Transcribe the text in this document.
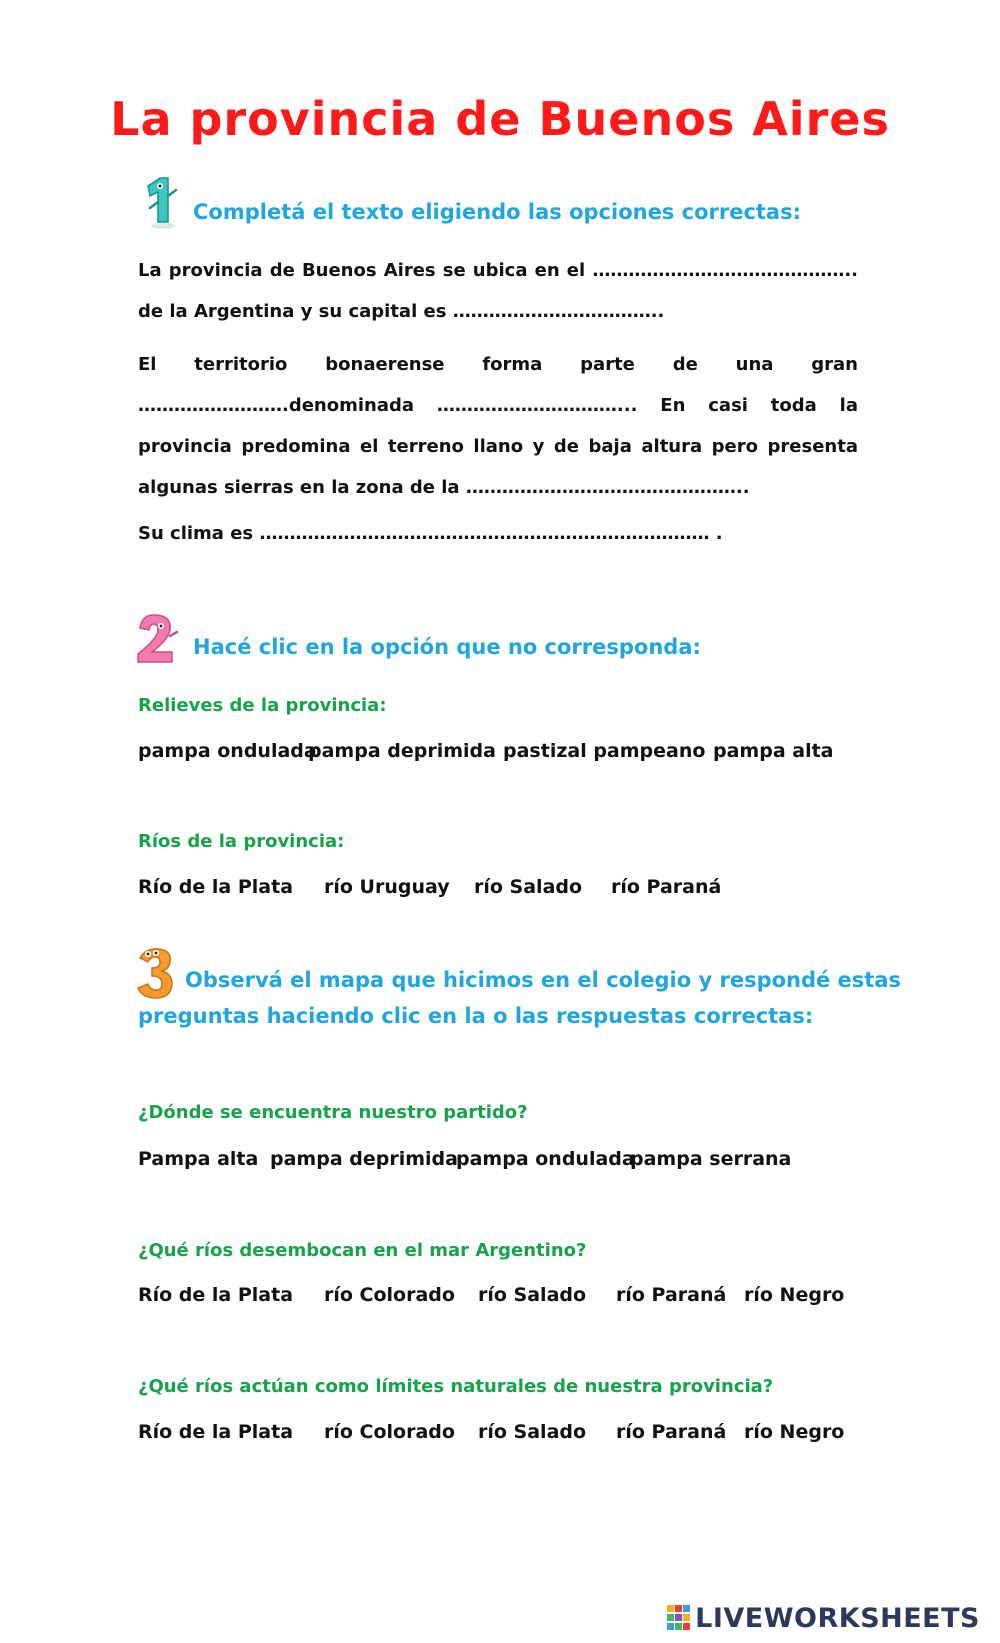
La provincia de Buenos Aires
Completá el texto eligiendo las opciones correctas:
La provincia de Buenos Aires se ubica en el …………………………………….. de la Argentina y su capital es ……………………………..
El territorio bonaerense forma parte de una gran …………………….denominada …………………………... En casi toda la provincia predomina el terreno llano y de baja altura pero presenta algunas sierras en la zona de la ………………………………………..
Su clima es ………………………………………………………………… .
Hacé clic en la opción que no corresponda:
Relieves de la provincia:
pampa ondulada
pampa deprimida pastizal pampeano pampa alta
Ríos de la provincia:
Río de la Plata río Uruguay río Salado río Paraná
Observá el mapa que hicimos en el colegio y respondé estas
preguntas haciendo clic en la o las respuestas correctas:
¿Dónde se encuentra nuestro partido?
Pampa alta pampa deprimida
pampa ondulada
pampa serrana
¿Qué ríos desembocan en el mar Argentino?
Río de la Plata río Colorado río Salado río Paraná río Negro
¿Qué ríos actúan como límites naturales de nuestra provincia?
Río de la Plata río Colorado río Salado río Paraná río Negro
LIVEWORKSHEETS
